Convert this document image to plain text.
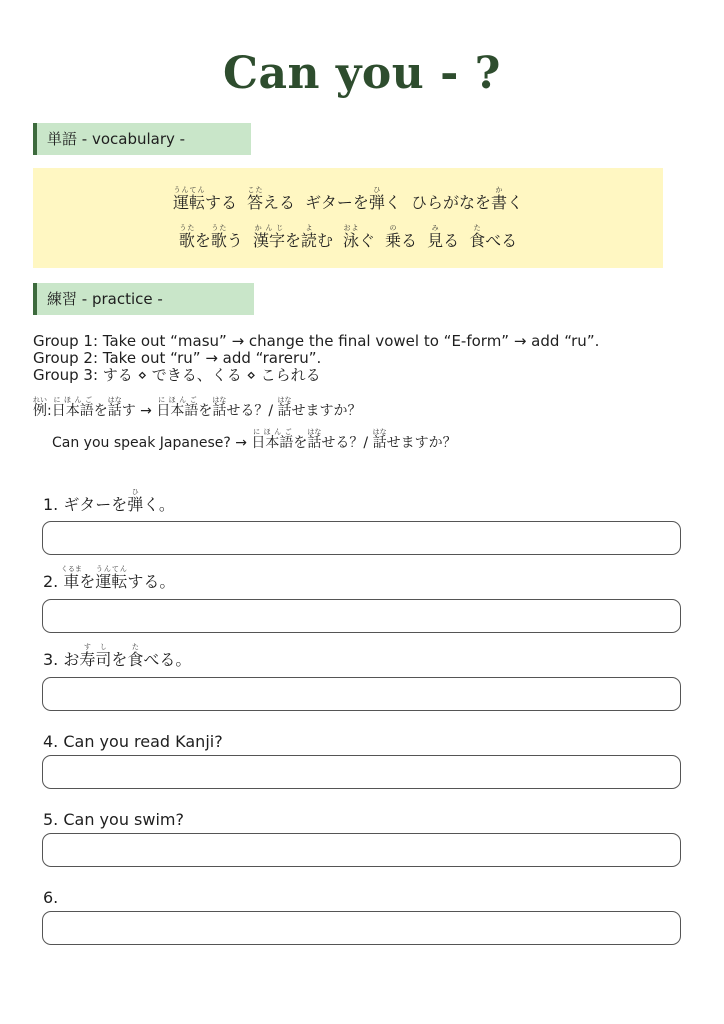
Can you - ?
単語 - vocabulary -
運転うんてんする 答こたえる ギターを弾ひく ひらがなを書かく
歌うたを歌うたう 漢字かんじを読よむ 泳およぐ 乗のる 見みる 食たべる
練習 - practice -
Group 1: Take out “masu” → change the final vowel to “E-form” → add “ru”.
Group 2: Take out “ru” → add “rareru”.
Group 3: する ⋄ できる、くる ⋄ こられる
例れい:日本語にほんごを話はなす → 日本語にほんごを話はなせる？/ 話はなせますか？
Can you speak Japanese? → 日本語にほんごを話はなせる？/ 話はなせますか？
1. ギターを弾ひく。
2. 車くるまを運転うんてんする。
3. お寿司すしを食たべる。
4. Can you read Kanji?
5. Can you swim?
6.
